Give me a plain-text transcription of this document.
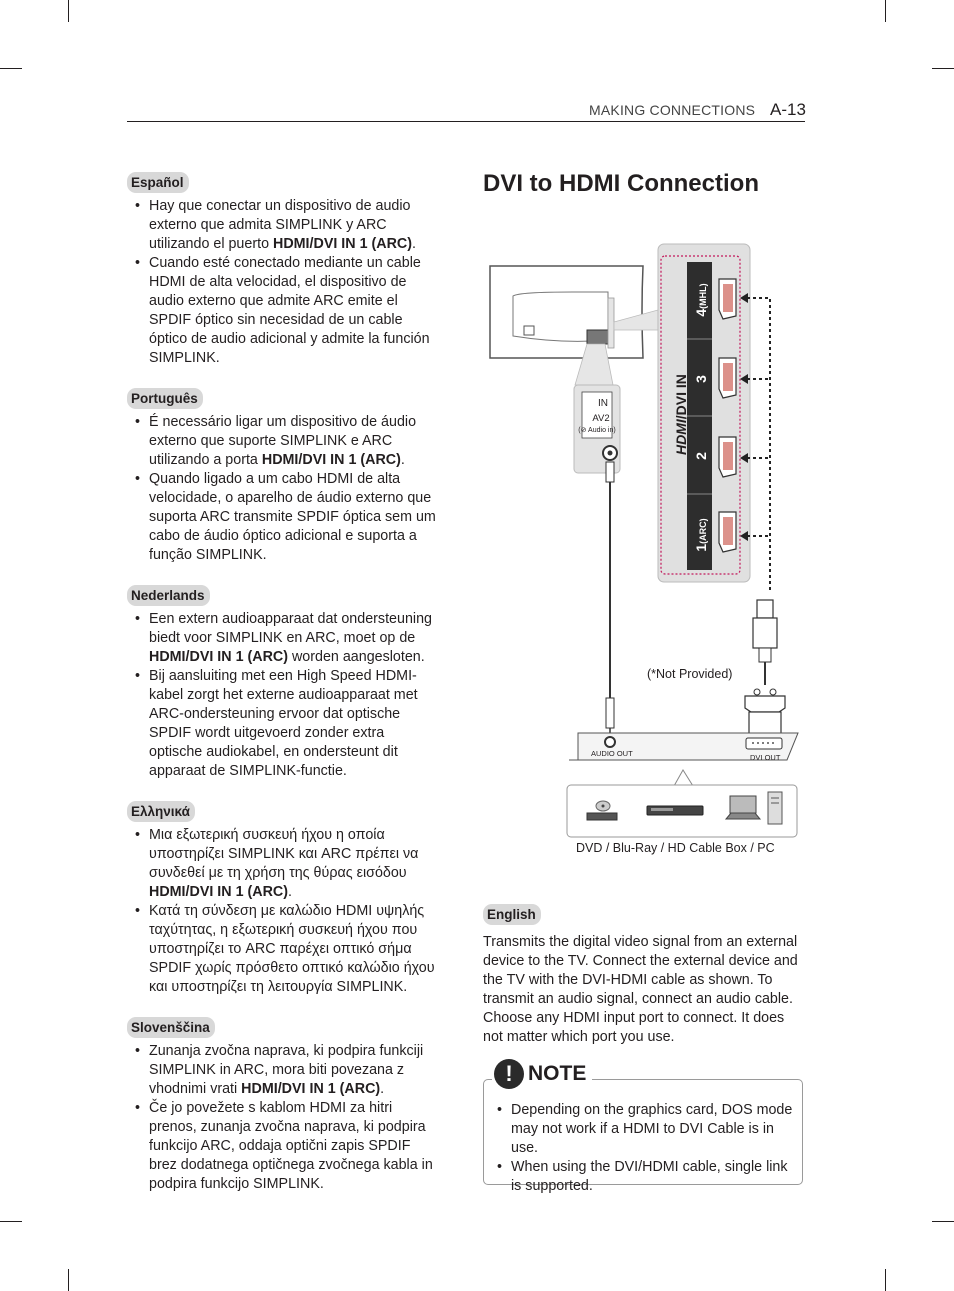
MAKING CONNECTIONS A-13
Español
• Hay que conectar un dispositivo de audio externo que admita SIMPLINK y ARC utilizando el puerto HDMI/DVI IN 1 (ARC).
• Cuando esté conectado mediante un cable HDMI de alta velocidad, el dispositivo de audio externo que admite ARC emite el SPDIF óptico sin necesidad de un cable óptico de audio adicional y admite la función SIMPLINK.
Português
• É necessário ligar um dispositivo de áudio externo que suporte SIMPLINK e ARC utilizando a porta HDMI/DVI IN 1 (ARC).
• Quando ligado a um cabo HDMI de alta velocidade, o aparelho de áudio externo que suporta ARC transmite SPDIF óptica sem um cabo de áudio óptico adicional e suporta a função SIMPLINK.
Nederlands
• Een extern audioapparaat dat ondersteuning biedt voor SIMPLINK en ARC, moet op de HDMI/DVI IN 1 (ARC) worden aangesloten.
• Bij aansluiting met een High Speed HDMI-kabel zorgt het externe audioapparaat met ARC-ondersteuning ervoor dat optische SPDIF wordt uitgevoerd zonder extra optische audiokabel, en ondersteunt dit apparaat de SIMPLINK-functie.
Ελληνικά
• Μια εξωτερική συσκευή ήχου η οποία υποστηρίζει SIMPLINK και ARC πρέπει να συνδεθεί με τη χρήση της θύρας εισόδου HDMI/DVI IN 1 (ARC).
• Κατά τη σύνδεση με καλώδιο HDMI υψηλής ταχύτητας, η εξωτερική συσκευή ήχου που υποστηρίζει το ARC παρέχει οπτικό σήμα SPDIF χωρίς πρόσθετο οπτικό καλώδιο ήχου και υποστηρίζει τη λειτουργία SIMPLINK.
Slovenščina
• Zunanja zvočna naprava, ki podpira funkciji SIMPLINK in ARC, mora biti povezana z vhodnimi vrati HDMI/DVI IN 1 (ARC).
• Če jo povežete s kablom HDMI za hitri prenos, zunanja zvočna naprava, ki podpira funkcijo ARC, oddaja optični zapis SPDIF brez dodatnega optičnega zvočnega kabla in podpira funkcijo SIMPLINK.
DVI to HDMI Connection
IN
AV2
(⊘ Audio in)	HDMI/DVI IN
4(MHL)
3
2
1(ARC)
(*Not Provided)
AUDIO OUT	DVI OUT
DVD / Blu-Ray / HD Cable Box / PC
English
Transmits the digital video signal from an external device to the TV. Connect the external device and the TV with the DVI-HDMI cable as shown. To transmit an audio signal, connect an audio cable. Choose any HDMI input port to connect. It does not matter which port you use.
! NOTE
• Depending on the graphics card, DOS mode may not work if a HDMI to DVI Cable is in use.
• When using the DVI/HDMI cable, single link is supported.
